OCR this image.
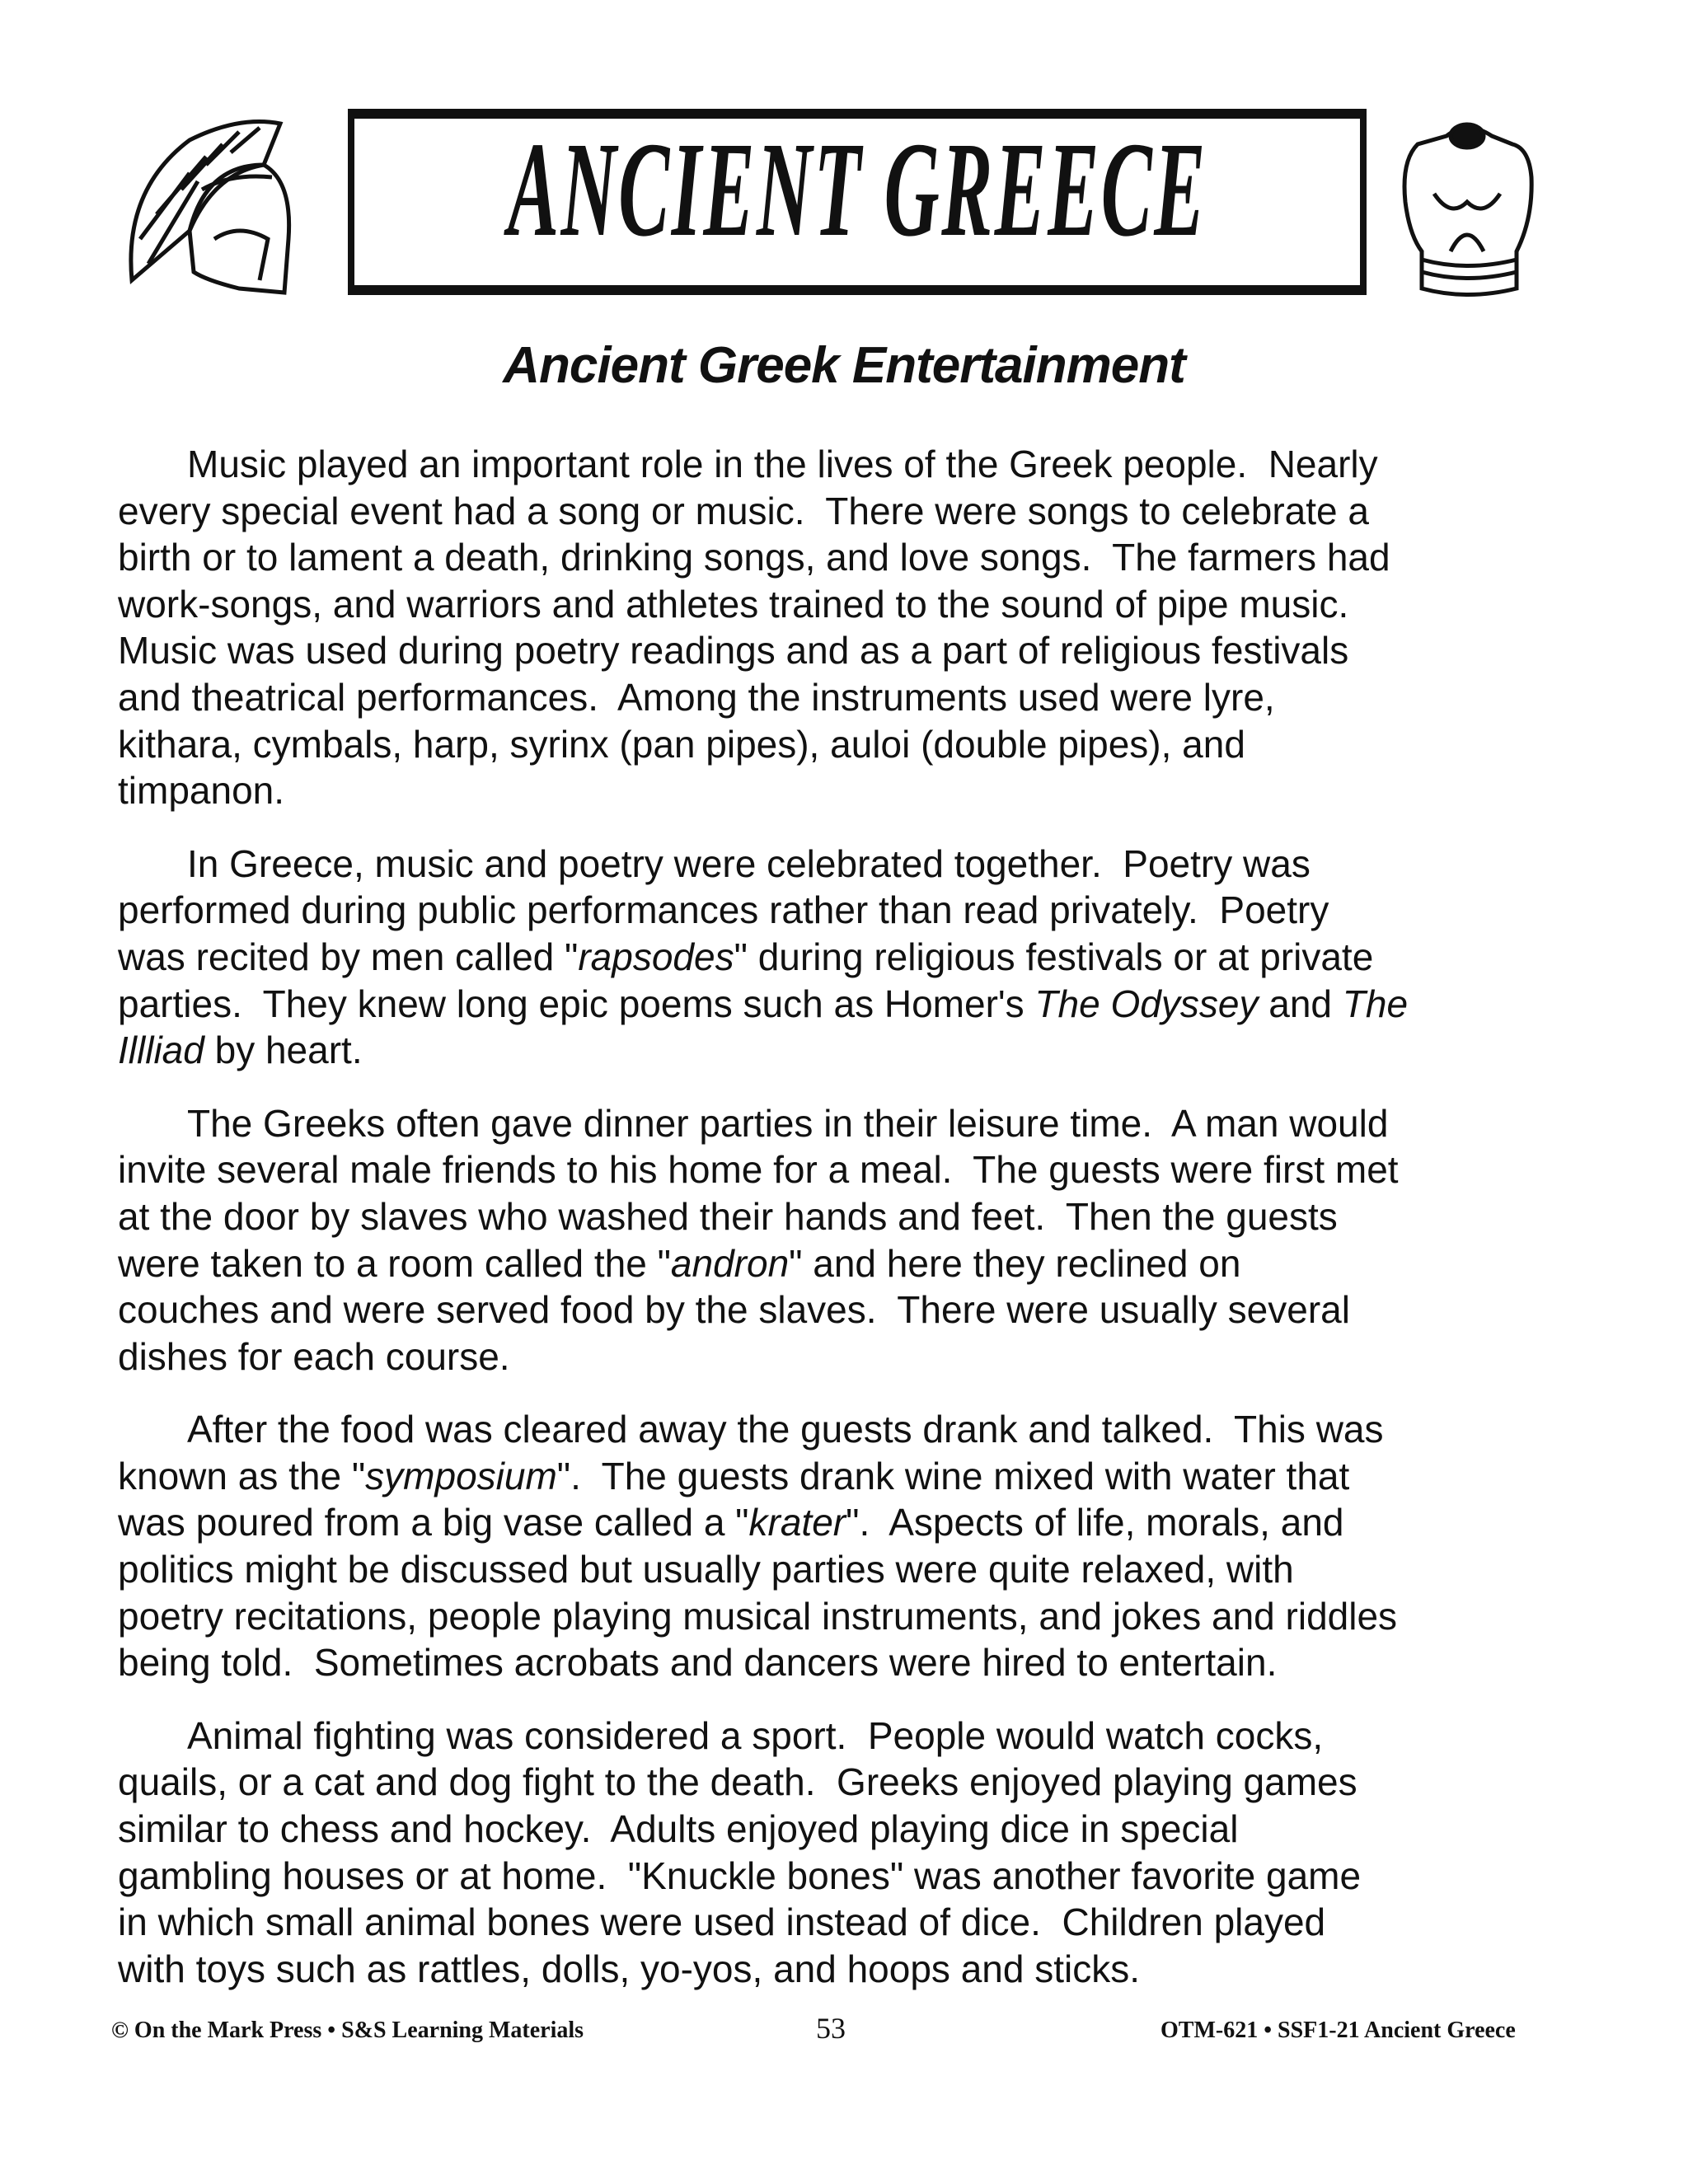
ANCIENT GREECE
Ancient Greek Entertainment
Music played an important role in the lives of the Greek people.  Nearly
every special event had a song or music.  There were songs to celebrate a
birth or to lament a death, drinking songs, and love songs.  The farmers had
work-songs, and warriors and athletes trained to the sound of pipe music.
Music was used during poetry readings and as a part of religious festivals
and theatrical performances.  Among the instruments used were lyre,
kithara, cymbals, harp, syrinx (pan pipes), auloi (double pipes), and
timpanon.
In Greece, music and poetry were celebrated together.  Poetry was
performed during public performances rather than read privately.  Poetry
was recited by men called "rapsodes" during religious festivals or at private
parties.  They knew long epic poems such as Homer's The Odyssey and The
Illliad by heart.
The Greeks often gave dinner parties in their leisure time.  A man would
invite several male friends to his home for a meal.  The guests were first met
at the door by slaves who washed their hands and feet.  Then the guests
were taken to a room called the "andron" and here they reclined on
couches and were served food by the slaves.  There were usually several
dishes for each course.
After the food was cleared away the guests drank and talked.  This was
known as the "symposium".  The guests drank wine mixed with water that
was poured from a big vase called a "krater".  Aspects of life, morals, and
politics might be discussed but usually parties were quite relaxed, with
poetry recitations, people playing musical instruments, and jokes and riddles
being told.  Sometimes acrobats and dancers were hired to entertain.
Animal fighting was considered a sport.  People would watch cocks,
quails, or a cat and dog fight to the death.  Greeks enjoyed playing games
similar to chess and hockey.  Adults enjoyed playing dice in special
gambling houses or at home.  "Knuckle bones" was another favorite game
in which small animal bones were used instead of dice.  Children played
with toys such as rattles, dolls, yo-yos, and hoops and sticks.
© On the Mark Press • S&S Learning Materials	53	OTM-621 • SSF1-21 Ancient Greece
